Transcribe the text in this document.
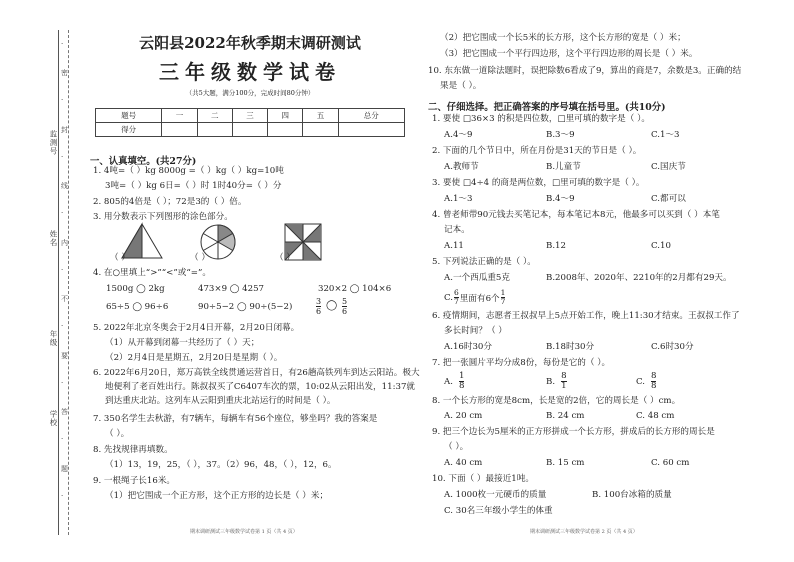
监测号
姓名
年级
学校
·
密
·
封
·
线
·
内
·
不
·
要
·
答
·
题
·
云阳县2022年秋季期末调研测试
三年级数学试卷
（共5大题，满分100分，完成时间80分钟）
题号	一	二	三	四	五	总分
得分						
一、认真填空。(共27分)
1. 4吨=（ ）kg 8000g =（ ）kg（ ）kg=10吨
3吨=（ ）kg 6日=（ ）时 1时40分=（ ）分
2. 805的4倍是（ ）；72是3的（ ）倍。
3. 用分数表示下列图形的涂色部分。
（ ）	（ ）	（ ）
4. 在○里填上“>”“<”或“=”。
1500g ◯ 2kg	473×9 ◯ 4257	320×2 ◯ 104×6
65÷5 ◯ 96÷6	90÷5−2 ◯ 90÷(5−2)
3
6
◯ 5
6
5. 2022年北京冬奥会于2月4日开幕，2月20日闭幕。
（1）从开幕到闭幕一共经历了（ ）天；
（2）2月4日是星期五，2月20日是星期（ ）。
6. 2022年6月20日，郑万高铁全线贯通运营首日，有26趟高铁列车到达云阳站。极大
地便利了老百姓出行。陈叔叔买了C6407车次的票，10:02从云阳出发，11:37就
到达重庆北站。这列车从云阳到重庆北站运行的时间是（ ）。
7. 350名学生去秋游，有7辆车，每辆车有56个座位，够坐吗？我的答案是
（ ）。
8. 先找规律再填数。
（1）13，19，25，（ ），37。（2）96，48，（ ），12，6。
9. 一根绳子长16米。
（1）把它围成一个正方形，这个正方形的边长是（ ）米；
期末调研测试三年级数学试卷第 1 页（共 4 页）
（2）把它围成一个长5米的长方形，这个长方形的宽是（ ）米；
（3）把它围成一个平行四边形，这个平行四边形的周长是（ ）米。
10. 东东做一道除法题时，误把除数6看成了9，算出的商是7，余数是3。正确的结
果是（ ）。
二、仔细选择。把正确答案的序号填在括号里。(共10分)
1. 要使 □36×3 的积是四位数，□里可填的数字是（ ）。
A.4～9	B.3～9	C.1～3
2. 下面的几个节日中，所在月份是31天的节日是（ ）。
A.教师节	B.儿童节	C.国庆节
3. 要使 □4÷4 的商是两位数，□里可填的数字是（ ）。
A.1～3	B.4～9	C.都可以
4. 曾老师带90元钱去买笔记本，每本笔记本8元，他最多可以买到（ ）本笔
记本。
A.11	B.12	C.10
5. 下列说法正确的是（ ）。
A.一个西瓜重5克	B.2008年、2020年、2210年的2月都有29天。
C. 6
7 里面有6个
1
7
6. 疫情期间，志愿者王叔叔早上5点开始工作，晚上11:30才结束。王叔叔工作了
多长时间？（ ）
A.16时30分	B.18时30分	C.6时30分
7. 把一张圆片平均分成8份，每份是它的（ ）。
A.
1
8	B.
8
1	C.
8
8
8. 一个长方形的宽是8cm，长是宽的2倍，它的周长是（ ）cm。
A. 20 cm	B. 24 cm	C. 48 cm
9. 把三个边长为5厘米的正方形拼成一个长方形，拼成后的长方形的周长是
（ ）。
A. 40 cm	B. 15 cm	C. 60 cm
10. 下面（ ）最接近1吨。
A. 1000枚一元硬币的质量	B. 100台冰箱的质量
C. 30名三年级小学生的体重
期末调研测试三年级数学试卷第 2 页（共 4 页）
